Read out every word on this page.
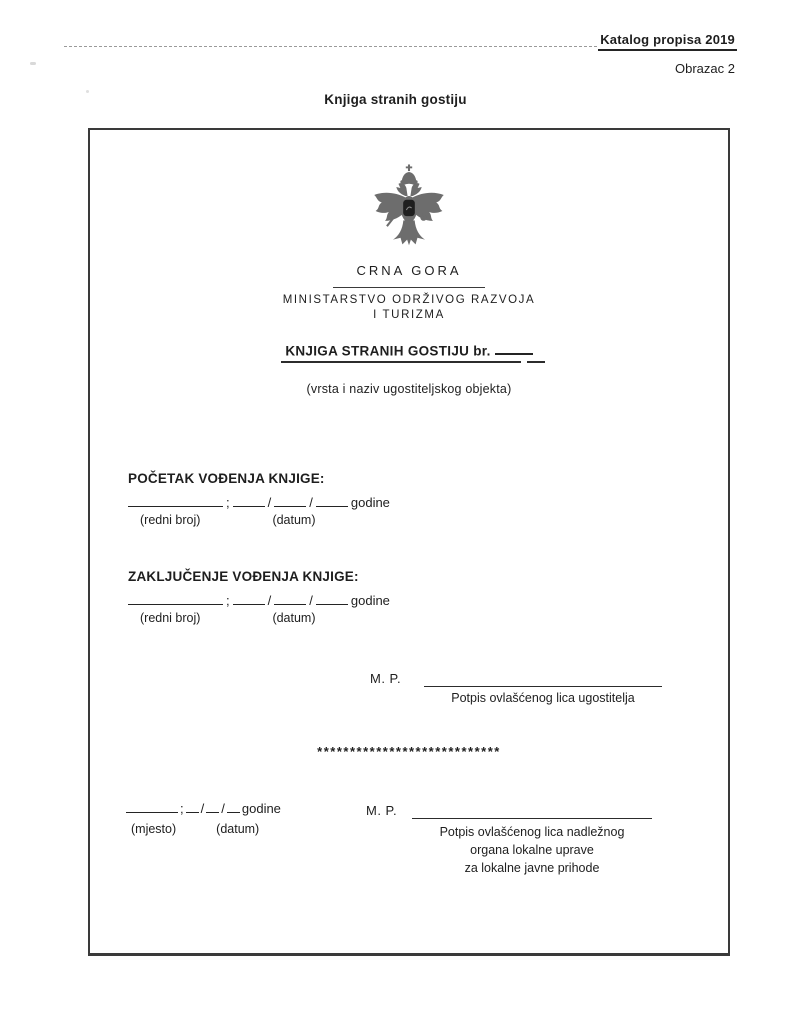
Katalog propisa 2019
Obrazac 2
Knjiga stranih gostiju
CRNA GORA
MINISTARSTVO ODRŽIVOG RAZVOJA
I TURIZMA
KNJIGA STRANIH GOSTIJU br.
(vrsta i naziv ugostiteljskog objekta)
POČETAK VOĐENJA KNJIGE:
;	/	/	godine
(redni broj)	(datum)
ZAKLJUČENJE VOĐENJA KNJIGE:
;	/	/	godine
(redni broj)	(datum)
M. P.
Potpis ovlašćenog lica ugostitelja
****************************
; / / godine
(mjesto)	(datum)
M. P.
Potpis ovlašćenog lica nadležnog
organa lokalne uprave
za lokalne javne prihode
